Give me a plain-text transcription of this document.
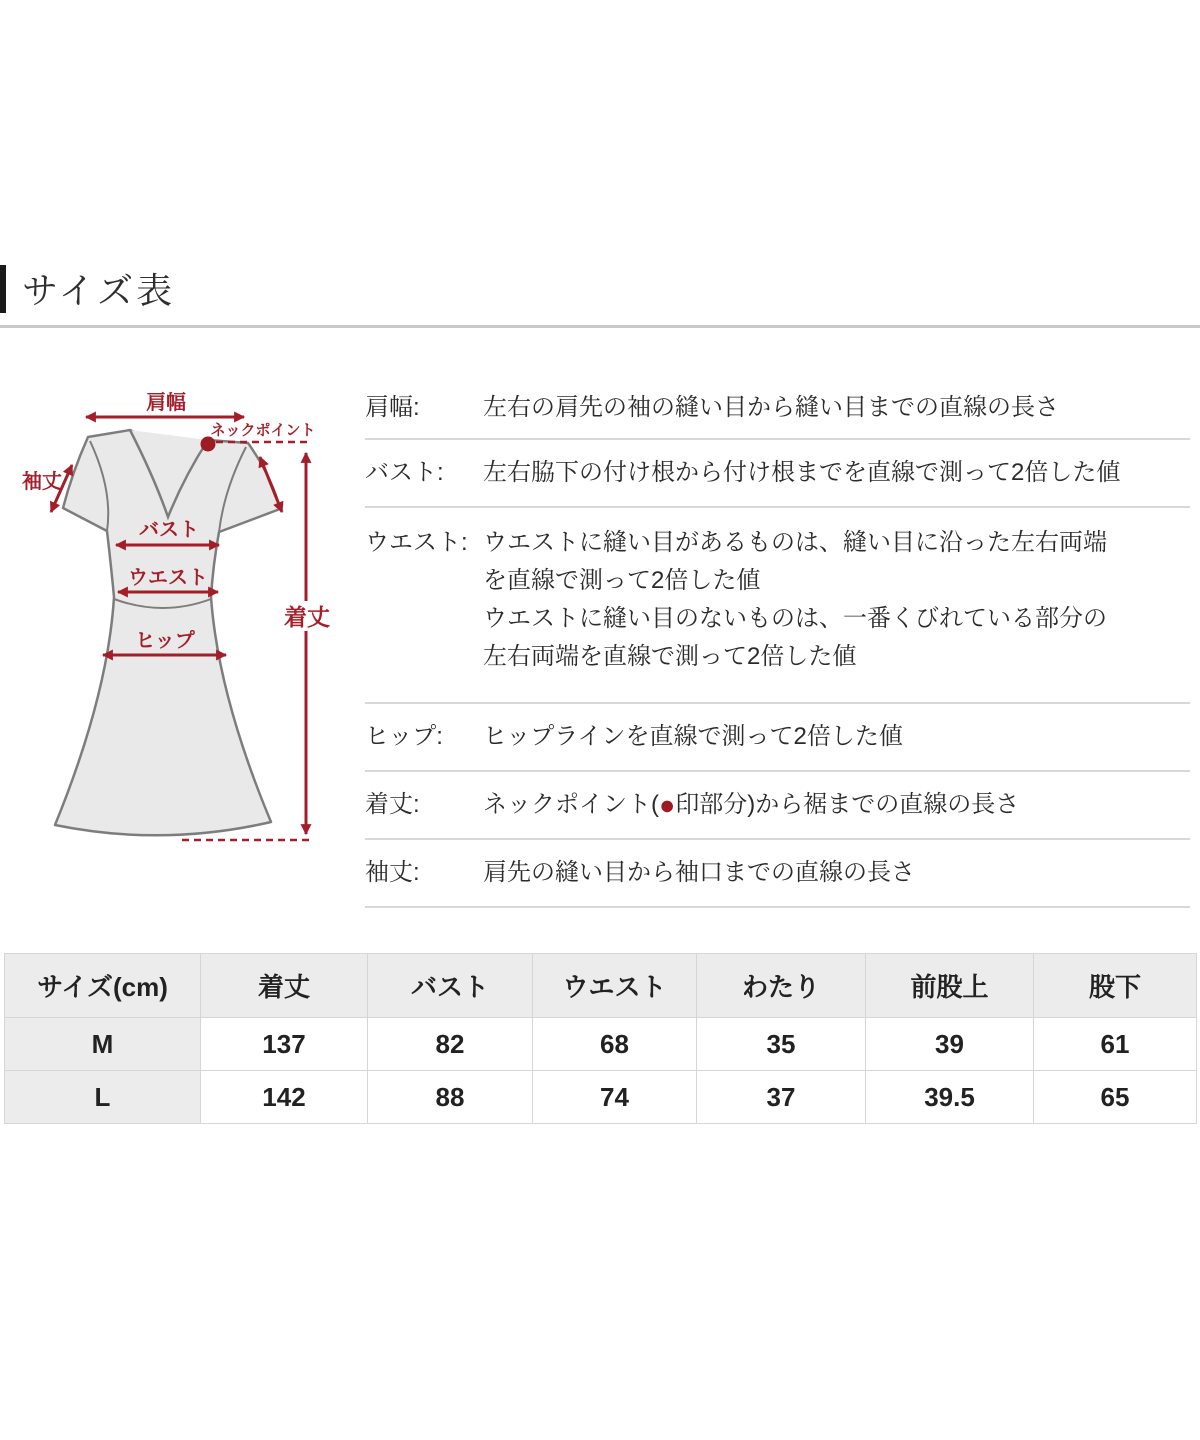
サイズ表
肩幅
ネックポイント
袖丈
バスト
ウエスト
ヒップ
着丈
肩幅:	左右の肩先の袖の縫い目から縫い目までの直線の長さ
バスト:	左右脇下の付け根から付け根までを直線で測って2倍した値
ウエスト: ウエストに縫い目があるものは、縫い目に沿った左右両端
を直線で測って2倍した値
ウエストに縫い目のないものは、一番くびれている部分の
左右両端を直線で測って2倍した値
ヒップ:	ヒップラインを直線で測って2倍した値
着丈:	ネックポイント(●印部分)から裾までの直線の長さ
袖丈:	肩先の縫い目から袖口までの直線の長さ
サイズ(cm)	着丈	バスト	ウエスト	わたり	前股上	股下
M	137	82	68	35	39	61
L	142	88	74	37	39.5	65
